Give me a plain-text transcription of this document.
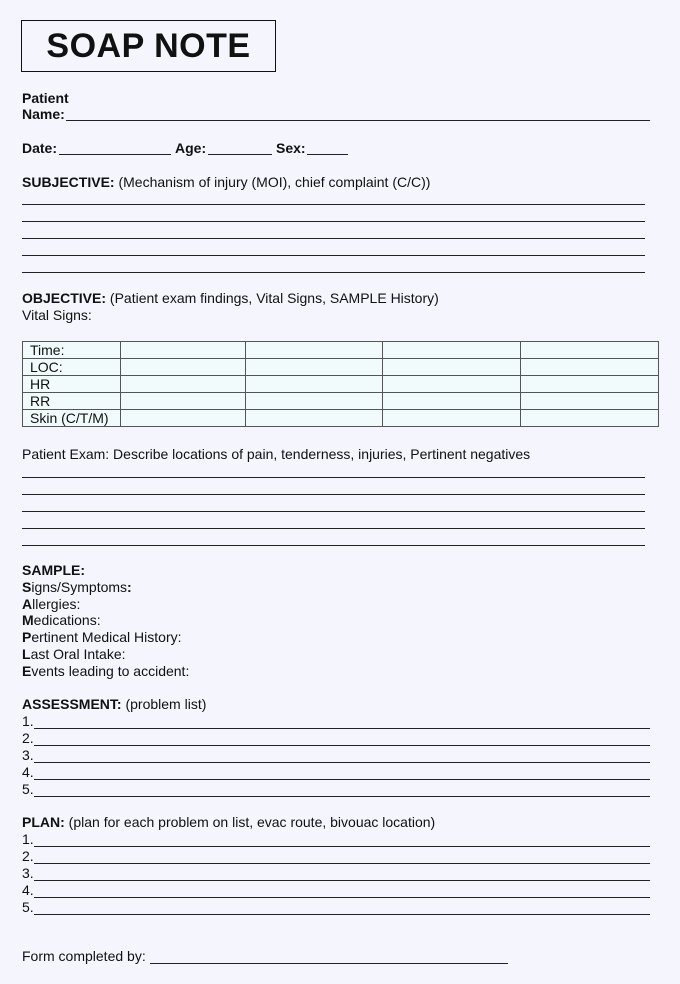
SOAP NOTE
Patient
Name:
Date:	Age:	Sex:
SUBJECTIVE: (Mechanism of injury (MOI), chief complaint (C/C))
OBJECTIVE: (Patient exam findings, Vital Signs, SAMPLE History)
Vital Signs:
Time:				
LOC:				
HR				
RR				
Skin (C/T/M)				
Patient Exam: Describe locations of pain, tenderness, injuries, Pertinent negatives
SAMPLE:
Signs/Symptoms:
Allergies:
Medications:
Pertinent Medical History:
Last Oral Intake:
Events leading to accident:
ASSESSMENT: (problem list)
1.
2.
3.
4.
5.
PLAN: (plan for each problem on list, evac route, bivouac location)
1.
2.
3.
4.
5.
Form completed by:
